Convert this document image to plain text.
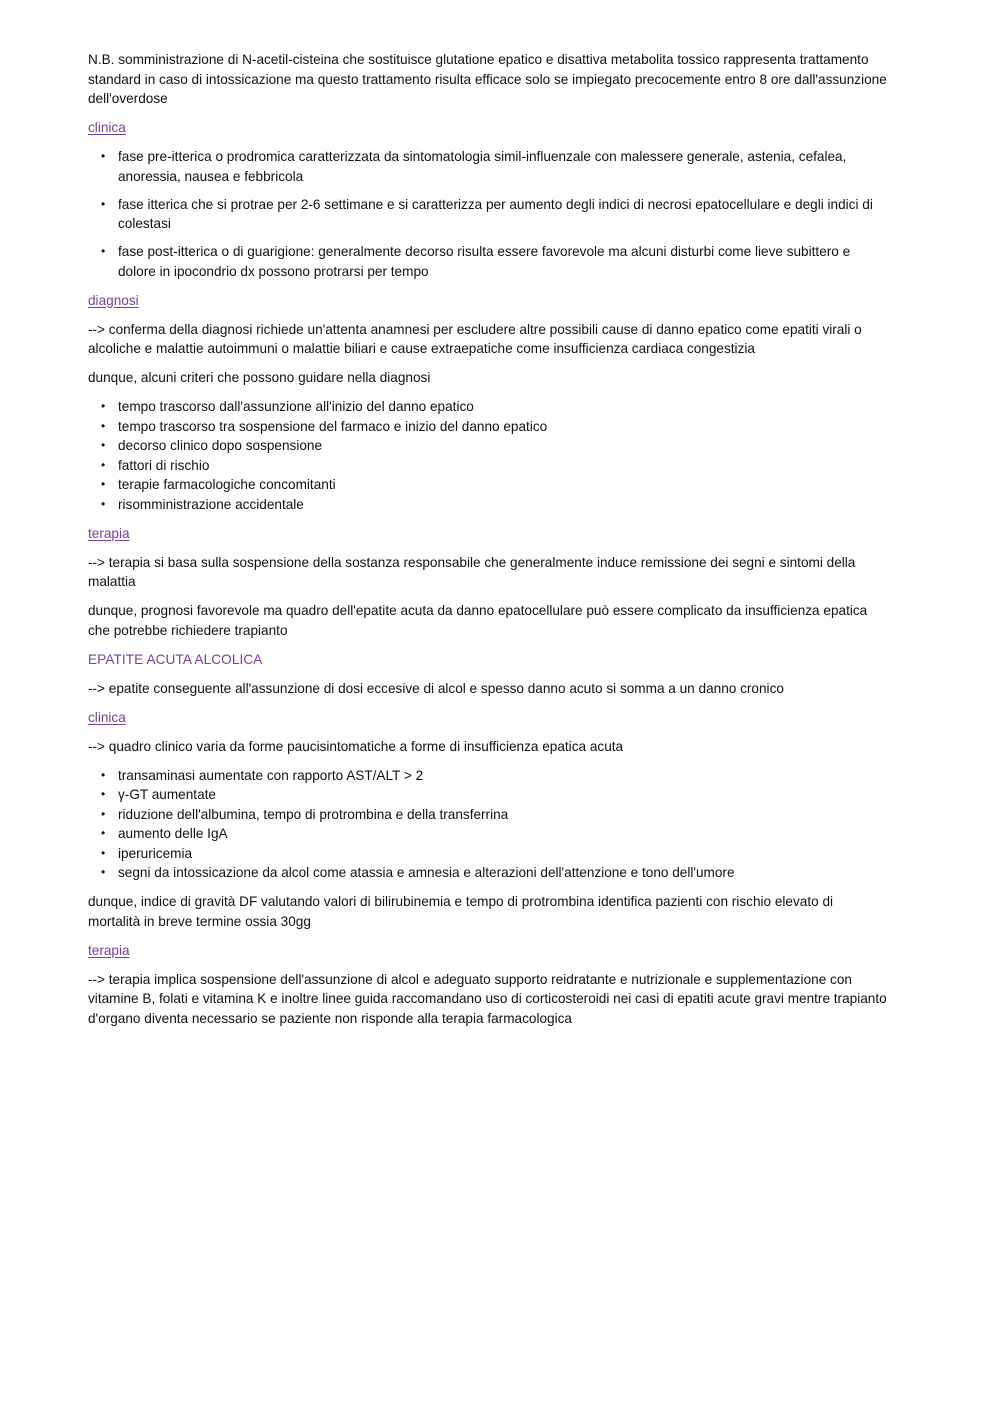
N.B. somministrazione di N-acetil-cisteina che sostituisce glutatione epatico e disattiva metabolita tossico rappresenta trattamento standard in caso di intossicazione ma questo trattamento risulta efficace solo se impiegato precocemente entro 8 ore dall'assunzione dell'overdose

clinica
• fase pre-itterica o prodromica caratterizzata da sintomatologia simil-influenzale con malessere generale, astenia, cefalea, anoressia, nausea e febbricola
• fase itterica che si protrae per 2-6 settimane e si caratterizza per aumento degli indici di necrosi epatocellulare e degli indici di colestasi
• fase post-itterica o di guarigione: generalmente decorso risulta essere favorevole ma alcuni disturbi come lieve subittero e dolore in ipocondrio dx possono protrarsi per tempo
diagnosi

--> conferma della diagnosi richiede un'attenta anamnesi per escludere altre possibili cause di danno epatico come epatiti virali o alcoliche e malattie autoimmuni o malattie biliari e cause extraepatiche come insufficienza cardiaca congestizia

dunque, alcuni criteri che possono guidare nella diagnosi

• tempo trascorso dall'assunzione all'inizio del danno epatico
• tempo trascorso tra sospensione del farmaco e inizio del danno epatico
• decorso clinico dopo sospensione
• fattori di rischio
• terapie farmacologiche concomitanti
• risomministrazione accidentale
terapia

--> terapia si basa sulla sospensione della sostanza responsabile che generalmente induce remissione dei segni e sintomi della malattia

dunque, prognosi favorevole ma quadro dell'epatite acuta da danno epatocellulare può essere complicato da insufficienza epatica che potrebbe richiedere trapianto

EPATITE ACUTA ALCOLICA

--> epatite conseguente all'assunzione di dosi eccesive di alcol e spesso danno acuto si somma a un danno cronico

clinica

--> quadro clinico varia da forme paucisintomatiche a forme di insufficienza epatica acuta

• transaminasi aumentate con rapporto AST/ALT > 2
• γ-GT aumentate
• riduzione dell'albumina, tempo di protrombina e della transferrina
• aumento delle IgA
• iperuricemia
• segni da intossicazione da alcol come atassia e amnesia e alterazioni dell'attenzione e tono dell'umore

dunque, indice di gravità DF valutando valori di bilirubinemia e tempo di protrombina identifica pazienti con rischio elevato di mortalità in breve termine ossia 30gg

terapia

--> terapia implica sospensione dell'assunzione di alcol e adeguato supporto reidratante e nutrizionale e supplementazione con vitamine B, folati e vitamina K e inoltre linee guida raccomandano uso di corticosteroidi nei casi di epatiti acute gravi mentre trapianto d'organo diventa necessario se paziente non risponde alla terapia farmacologica
